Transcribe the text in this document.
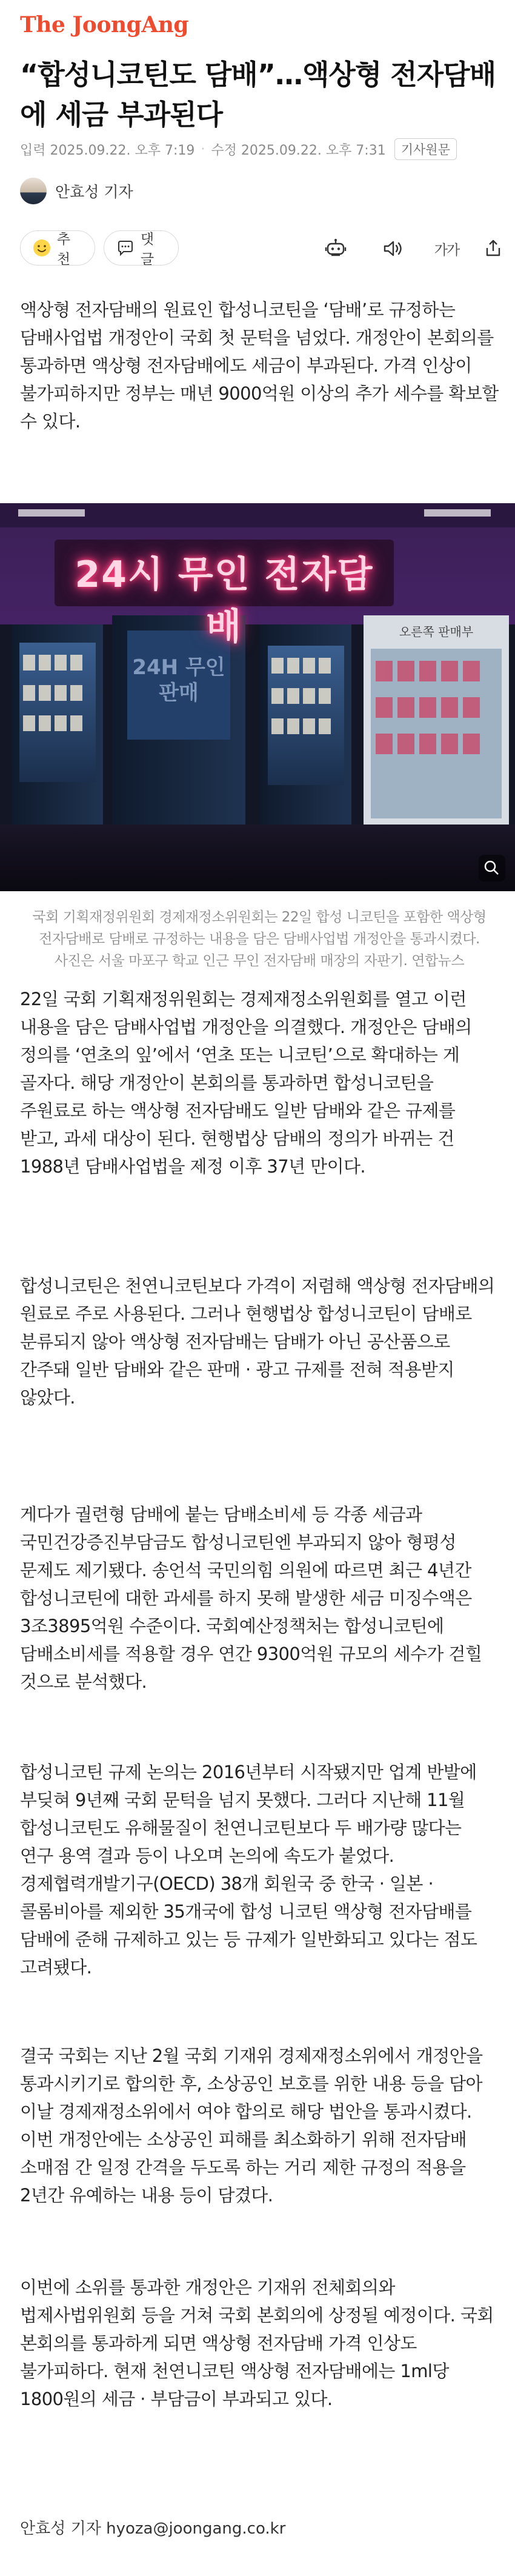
The JoongAng
“합성니코틴도 담배”…액상형 전자담배에 세금 부과된다
입력 2025.09.22. 오후 7:19 · 수정 2025.09.22. 오후 7:31	기사원문
안효성 기자
추천
댓글
가가

액상형 전자담배의 원료인 합성니코틴을 ‘담배’로 규정하는 담배사업법 개정안이 국회 첫 문턱을 넘었다. 개정안이 본회의를 통과하면 액상형 전자담배에도 세금이 부과된다. 가격 인상이 불가피하지만 정부는 매년 9000억원 이상의 추가 세수를 확보할 수 있다.

24시 무인 전자담배
24H 무인판매
오른쪽 판매부

국회 기획재정위원회 경제재정소위원회는 22일 합성 니코틴을 포함한 액상형 전자담배로 담배로 규정하는 내용을 담은 담배사업법 개정안을 통과시켰다. 사진은 서울 마포구 학교 인근 무인 전자담배 매장의 자판기. 연합뉴스

22일 국회 기획재정위원회는 경제재정소위원회를 열고 이런 내용을 담은 담배사업법 개정안을 의결했다. 개정안은 담배의 정의를 ‘연초의 잎’에서 ‘연초 또는 니코틴’으로 확대하는 게 골자다. 해당 개정안이 본회의를 통과하면 합성니코틴을 주원료로 하는 액상형 전자담배도 일반 담배와 같은 규제를 받고, 과세 대상이 된다. 현행법상 담배의 정의가 바뀌는 건 1988년 담배사업법을 제정 이후 37년 만이다.

합성니코틴은 천연니코틴보다 가격이 저렴해 액상형 전자담배의 원료로 주로 사용된다. 그러나 현행법상 합성니코틴이 담배로 분류되지 않아 액상형 전자담배는 담배가 아닌 공산품으로 간주돼 일반 담배와 같은 판매 · 광고 규제를 전혀 적용받지 않았다.

게다가 궐련형 담배에 붙는 담배소비세 등 각종 세금과 국민건강증진부담금도 합성니코틴엔 부과되지 않아 형평성 문제도 제기됐다. 송언석 국민의힘 의원에 따르면 최근 4년간 합성니코틴에 대한 과세를 하지 못해 발생한 세금 미징수액은 3조3895억원 수준이다. 국회예산정책처는 합성니코틴에 담배소비세를 적용할 경우 연간 9300억원 규모의 세수가 걷힐 것으로 분석했다.

합성니코틴 규제 논의는 2016년부터 시작됐지만 업계 반발에 부딪혀 9년째 국회 문턱을 넘지 못했다. 그러다 지난해 11월 합성니코틴도 유해물질이 천연니코틴보다 두 배가량 많다는 연구 용역 결과 등이 나오며 논의에 속도가 붙었다. 경제협력개발기구(OECD) 38개 회원국 중 한국 · 일본 · 콜롬비아를 제외한 35개국에 합성 니코틴 액상형 전자담배를 담배에 준해 규제하고 있는 등 규제가 일반화되고 있다는 점도 고려됐다.

결국 국회는 지난 2월 국회 기재위 경제재정소위에서 개정안을 통과시키기로 합의한 후, 소상공인 보호를 위한 내용 등을 담아 이날 경제재정소위에서 여야 합의로 해당 법안을 통과시켰다. 이번 개정안에는 소상공인 피해를 최소화하기 위해 전자담배 소매점 간 일정 간격을 두도록 하는 거리 제한 규정의 적용을 2년간 유예하는 내용 등이 담겼다.

이번에 소위를 통과한 개정안은 기재위 전체회의와 법제사법위원회 등을 거쳐 국회 본회의에 상정될 예정이다. 국회 본회의를 통과하게 되면 액상형 전자담배 가격 인상도 불가피하다. 현재 천연니코틴 액상형 전자담배에는 1ml당 1800원의 세금 · 부담금이 부과되고 있다.

안효성 기자 hyoza@joongang.co.kr
